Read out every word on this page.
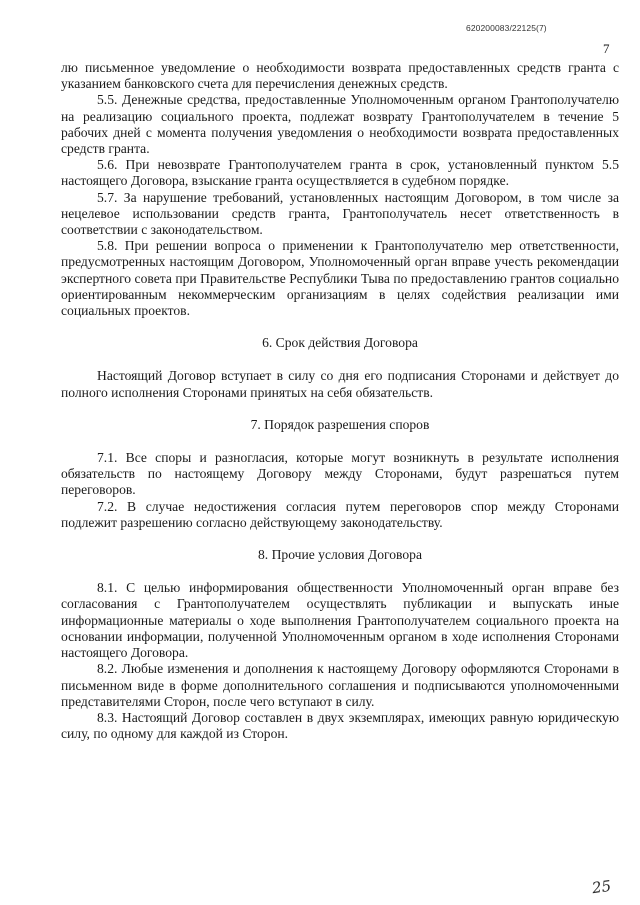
620200083/22125(7)
7

лю письменное уведомление о необходимости возврата предоставленных средств гранта с указанием банковского счета для перечисления денежных средств.

5.5. Денежные средства, предоставленные Уполномоченным органом Грантополучателю на реализацию социального проекта, подлежат возврату Грантополучателем в течение 5 рабочих дней с момента получения уведомления о необходимости возврата предоставленных средств гранта.

5.6. При невозврате Грантополучателем гранта в срок, установленный пунктом 5.5 настоящего Договора, взыскание гранта осуществляется в судебном порядке.

5.7. За нарушение требований, установленных настоящим Договором, в том числе за нецелевое использовании средств гранта, Грантополучатель несет ответственность в соответствии с законодательством.

5.8. При решении вопроса о применении к Грантополучателю мер ответственности, предусмотренных настоящим Договором, Уполномоченный орган вправе учесть рекомендации экспертного совета при Правительстве Республики Тыва по предоставлению грантов социально ориентированным некоммерческим организациям в целях содействия реализации ими социальных проектов.

6. Срок действия Договора

Настоящий Договор вступает в силу со дня его подписания Сторонами и действует до полного исполнения Сторонами принятых на себя обязательств.

7. Порядок разрешения споров

7.1. Все споры и разногласия, которые могут возникнуть в результате исполнения обязательств по настоящему Договору между Сторонами, будут разрешаться путем переговоров.

7.2. В случае недостижения согласия путем переговоров спор между Сторонами подлежит разрешению согласно действующему законодательству.

8. Прочие условия Договора

8.1. С целью информирования общественности Уполномоченный орган вправе без согласования с Грантополучателем осуществлять публикации и выпускать иные информационные материалы о ходе выполнения Грантополучателем социального проекта на основании информации, полученной Уполномоченным органом в ходе исполнения Сторонами настоящего Договора.

8.2. Любые изменения и дополнения к настоящему Договору оформляются Сторонами в письменном виде в форме дополнительного соглашения и подписываются уполномоченными представителями Сторон, после чего вступают в силу.

8.3. Настоящий Договор составлен в двух экземплярах, имеющих равную юридическую силу, по одному для каждой из Сторон.

25
